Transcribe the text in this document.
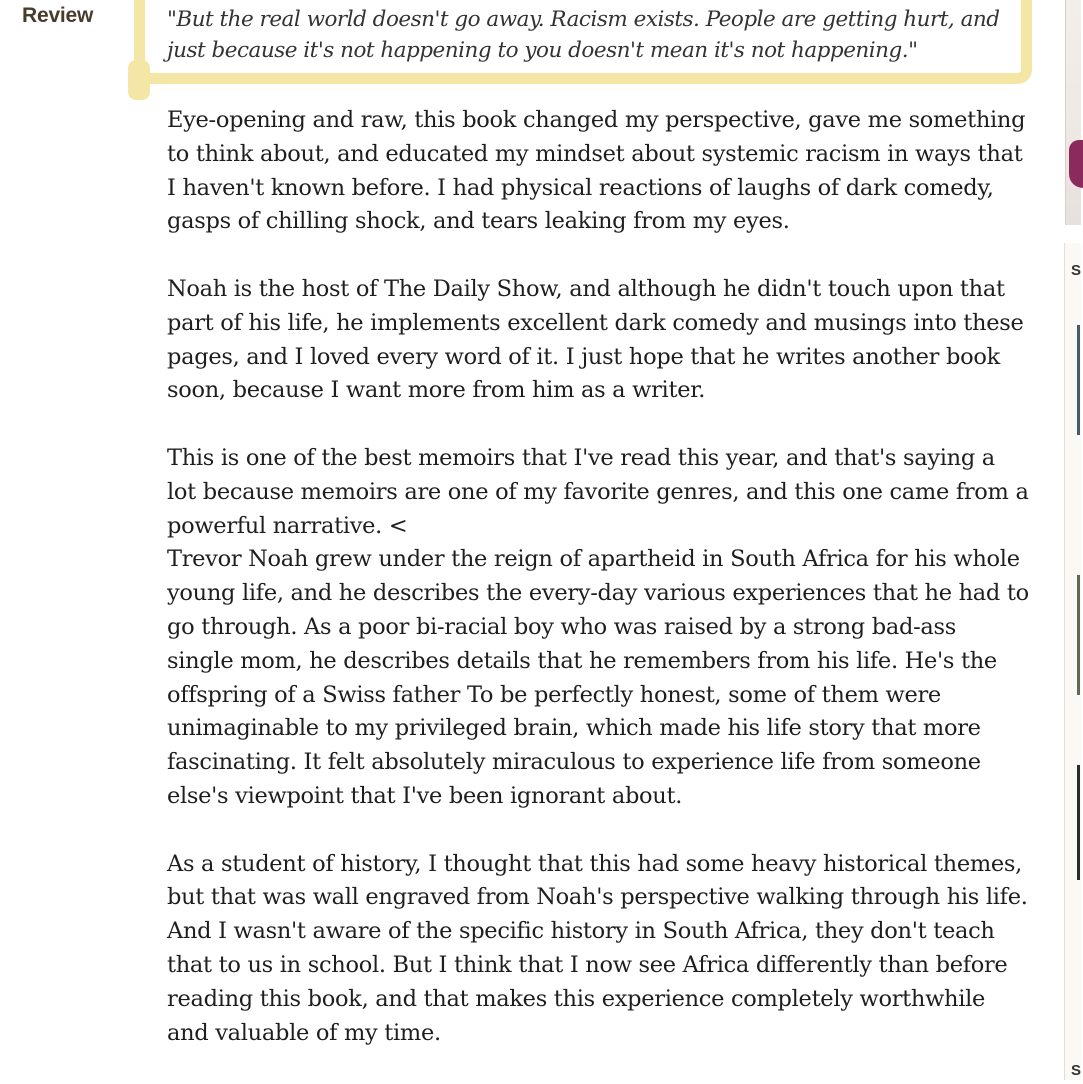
Review	"But the real world doesn't go away. Racism exists. People are getting hurt, and just because it's not happening to you doesn't mean it's not happening."

Eye-opening and raw, this book changed my perspective, gave me something to think about, and educated my mindset about systemic racism in ways that I haven't known before. I had physical reactions of laughs of dark comedy, gasps of chilling shock, and tears leaking from my eyes.

Noah is the host of The Daily Show, and although he didn't touch upon that part of his life, he implements excellent dark comedy and musings into these pages, and I loved every word of it. I just hope that he writes another book soon, because I want more from him as a writer.

This is one of the best memoirs that I've read this year, and that's saying a lot because memoirs are one of my favorite genres, and this one came from a powerful narrative. <

Trevor Noah grew under the reign of apartheid in South Africa for his whole young life, and he describes the every-day various experiences that he had to go through. As a poor bi-racial boy who was raised by a strong bad-ass single mom, he describes details that he remembers from his life. He's the offspring of a Swiss father To be perfectly honest, some of them were unimaginable to my privileged brain, which made his life story that more fascinating. It felt absolutely miraculous to experience life from someone else's viewpoint that I've been ignorant about.

As a student of history, I thought that this had some heavy historical themes, but that was wall engraved from Noah's perspective walking through his life. And I wasn't aware of the specific history in South Africa, they don't teach that to us in school. But I think that I now see Africa differently than before reading this book, and that makes this experience completely worthwhile and valuable of my time.

S
S
